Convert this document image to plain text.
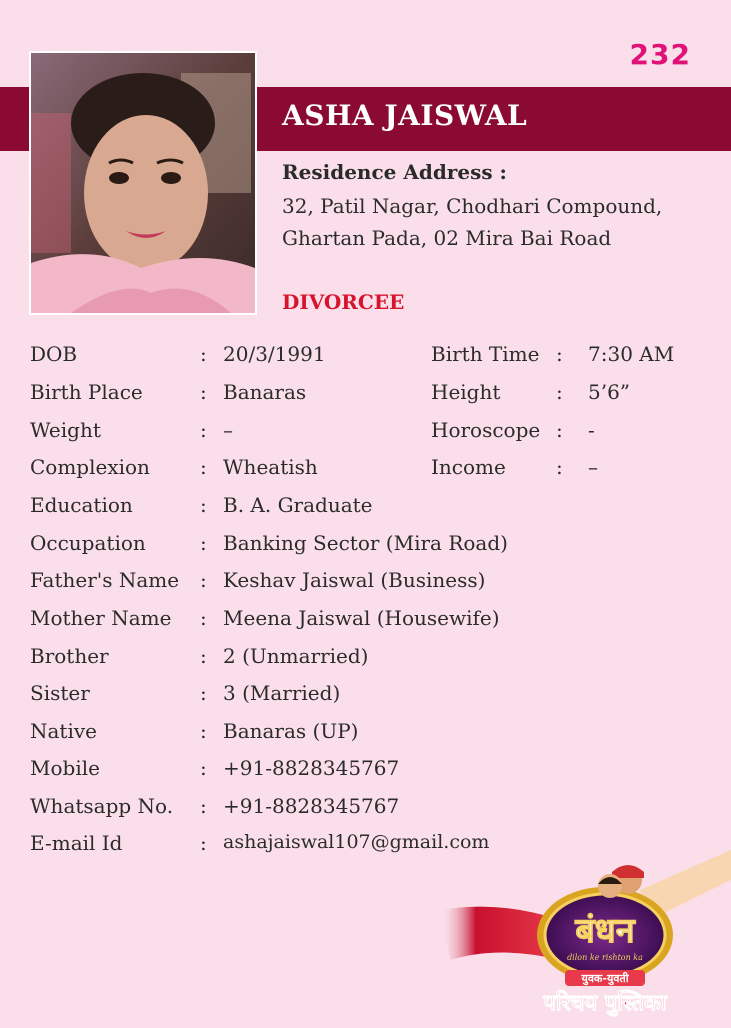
232
ASHA JAISWAL
Residence Address :
32, Patil Nagar, Chodhari Compound,
Ghartan Pada, 02 Mira Bai Road
DIVORCEE
DOB	: 20/3/1991	Birth Time : 7:30 AM
Birth Place	: Banaras	Height	: 5’6”
Weight	: –	Horoscope : -
Complexion	: Wheatish	Income	: –
Education	: B. A. Graduate
Occupation	: Banking Sector (Mira Road)
Father's Name : Keshav Jaiswal (Business)
Mother Name : Meena Jaiswal (Housewife)
Brother	: 2 (Unmarried)
Sister	: 3 (Married)
Native	: Banaras (UP)
Mobile	: +91-8828345767
Whatsapp No. : +91-8828345767
E-mail Id	: ashajaiswal107@gmail.com
बंधन
dilon ke rishton ka
युवक-युवती
परिचय पुस्तिका
